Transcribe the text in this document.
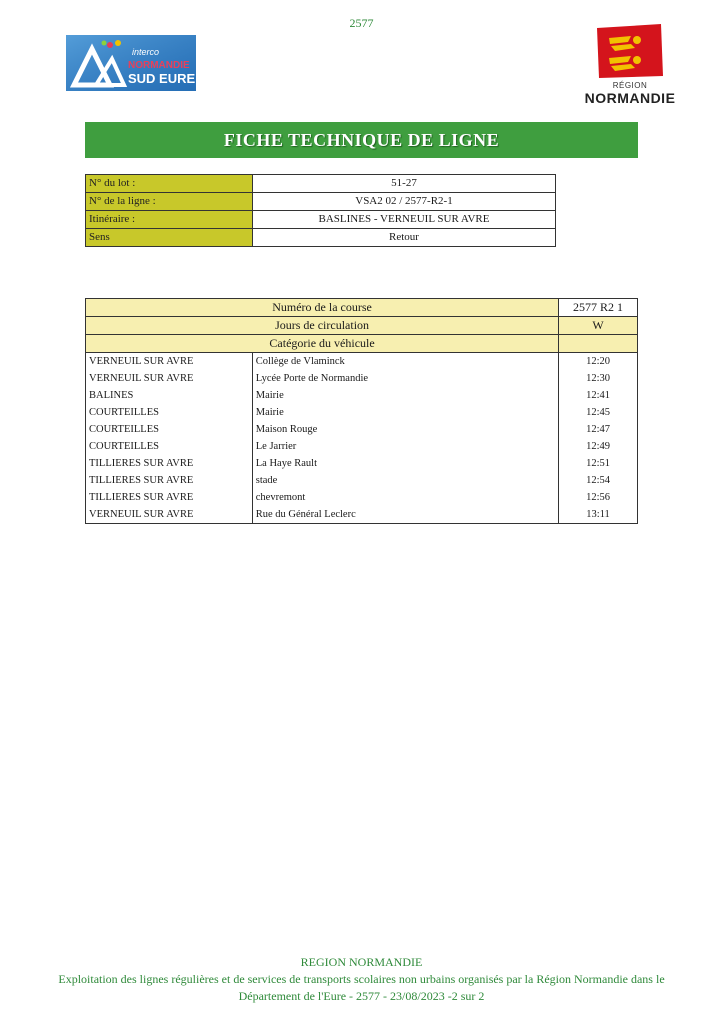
2577
interco
NORMANDIE
SUD EURE	RÉGION
NORMANDIE
FICHE TECHNIQUE DE LIGNE
N° du lot :	51-27
N° de la ligne :	VSA2 02 / 2577-R2-1
Itinéraire :	BASLINES - VERNEUIL SUR AVRE
Sens	Retour
Numéro de la course		2577 R2 1
Jours de circulation		W
Catégorie du véhicule		
VERNEUIL SUR AVRE	Collège de Vlaminck	12:20
VERNEUIL SUR AVRE	Lycée Porte de Normandie	12:30
BALINES	Mairie	12:41
COURTEILLES	Mairie	12:45
COURTEILLES	Maison Rouge	12:47
COURTEILLES	Le Jarrier	12:49
TILLIERES SUR AVRE	La Haye Rault	12:51
TILLIERES SUR AVRE	stade	12:54
TILLIERES SUR AVRE	chevremont	12:56
VERNEUIL SUR AVRE	Rue du Général Leclerc	13:11
REGION NORMANDIE
Exploitation des lignes régulières et de services de transports scolaires non urbains organisés par la Région Normandie dans le
Département de l'Eure - 2577 - 23/08/2023 -2 sur 2
